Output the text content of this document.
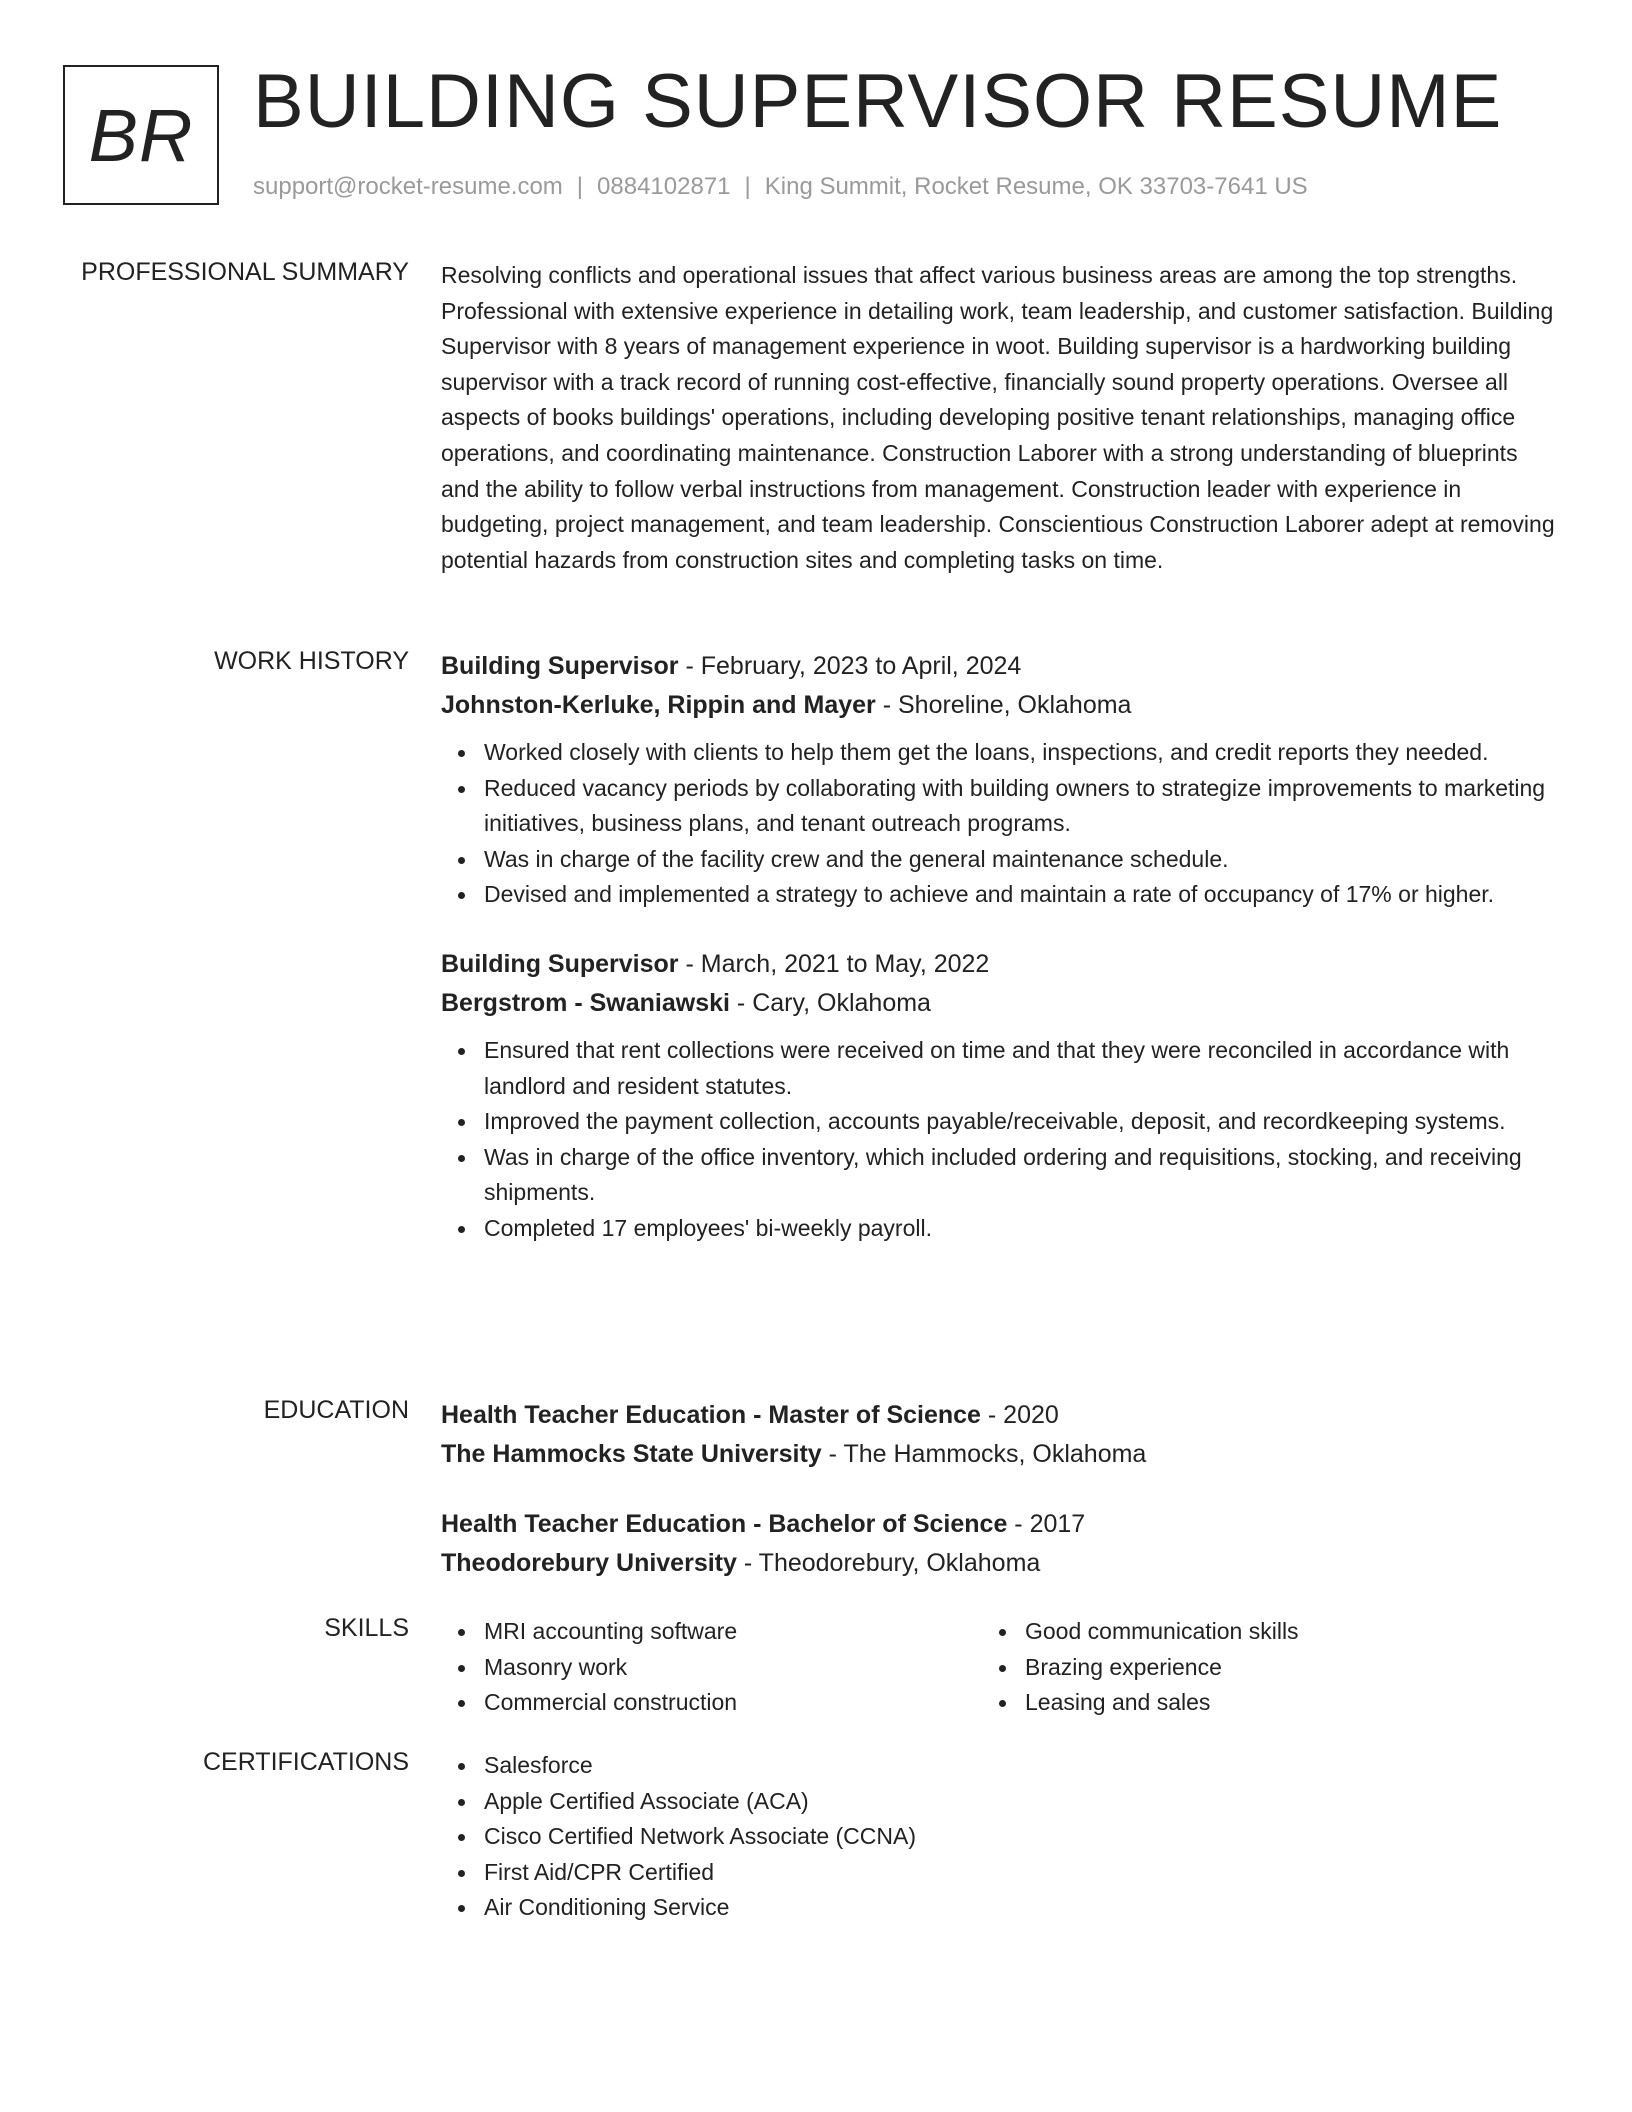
BR BUILDING SUPERVISOR RESUME
support@rocket-resume.com | 0884102871 | King Summit, Rocket Resume, OK 33703-7641 US
PROFESSIONAL SUMMARY Resolving conflicts and operational issues that affect various business areas are among the top strengths. Professional with extensive experience in detailing work, team leadership, and customer satisfaction. Building Supervisor with 8 years of management experience in woot. Building supervisor is a hardworking building supervisor with a track record of running cost-effective, financially sound property operations. Oversee all aspects of books buildings' operations, including developing positive tenant relationships, managing office operations, and coordinating maintenance. Construction Laborer with a strong understanding of blueprints and the ability to follow verbal instructions from management. Construction leader with experience in budgeting, project management, and team leadership. Conscientious Construction Laborer adept at removing potential hazards from construction sites and completing tasks on time.

WORK HISTORY Building Supervisor - February, 2023 to April, 2024
Johnston-Kerluke, Rippin and Mayer - Shoreline, Oklahoma
Worked closely with clients to help them get the loans, inspections, and credit reports they needed.
Reduced vacancy periods by collaborating with building owners to strategize improvements to marketing initiatives, business plans, and tenant outreach programs.
Was in charge of the facility crew and the general maintenance schedule.
Devised and implemented a strategy to achieve and maintain a rate of occupancy of 17% or higher.
Building Supervisor - March, 2021 to May, 2022
Bergstrom - Swaniawski - Cary, Oklahoma
Ensured that rent collections were received on time and that they were reconciled in accordance with landlord and resident statutes.
Improved the payment collection, accounts payable/receivable, deposit, and recordkeeping systems.
Was in charge of the office inventory, which included ordering and requisitions, stocking, and receiving shipments.
Completed 17 employees' bi-weekly payroll.
EDUCATION Health Teacher Education - Master of Science - 2020
The Hammocks State University - The Hammocks, Oklahoma
Health Teacher Education - Bachelor of Science - 2017
Theodorebury University - Theodorebury, Oklahoma
SKILLS	MRI accounting software
Masonry work
Commercial construction
Good communication skills
Brazing experience
Leasing and sales
CERTIFICATIONS	Salesforce
Apple Certified Associate (ACA)
Cisco Certified Network Associate (CCNA)
First Aid/CPR Certified
Air Conditioning Service
